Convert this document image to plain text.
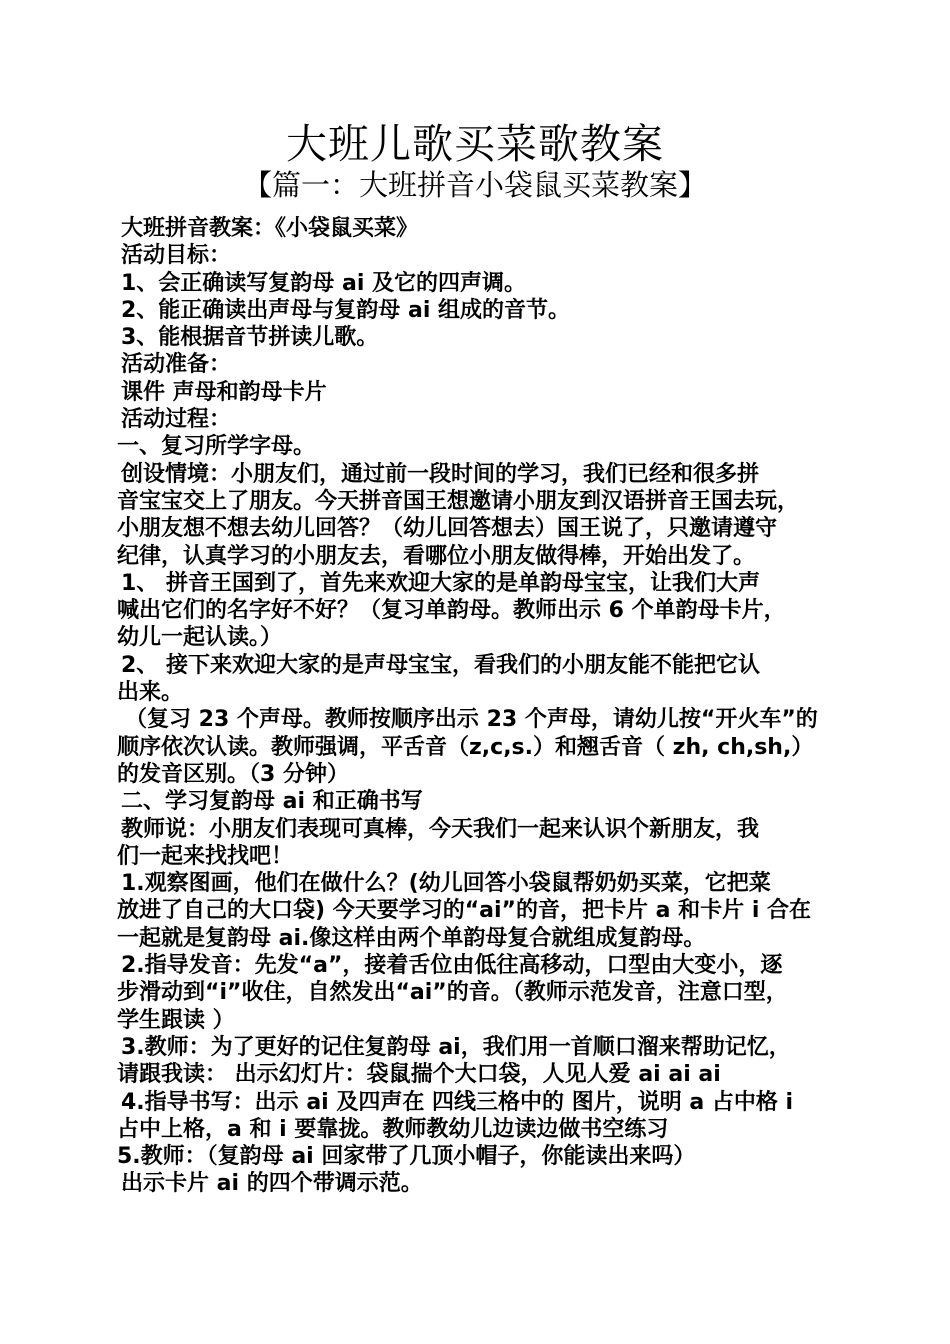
大班儿歌买菜歌教案
【篇一：大班拼音小袋鼠买菜教案】

大班拼音教案：《小袋鼠买菜》

活动目标：

1、会正确读写复韵母 ai 及它的四声调。

2、能正确读出声母与复韵母 ai 组成的音节。

3、能根据音节拼读儿歌。

活动准备：

课件 声母和韵母卡片

活动过程：

一、复习所学字母。

创设情境：小朋友们，通过前一段时间的学习，我们已经和很多拼

音宝宝交上了朋友。今天拼音国王想邀请小朋友到汉语拼音王国去玩，

小朋友想不想去幼儿回答？（幼儿回答想去）国王说了，只邀请遵守

纪律，认真学习的小朋友去，看哪位小朋友做得棒，开始出发了。

1、 拼音王国到了，首先来欢迎大家的是单韵母宝宝，让我们大声

喊出它们的名字好不好？（复习单韵母。教师出示 6 个单韵母卡片，

幼儿一起认读。）

2、 接下来欢迎大家的是声母宝宝，看我们的小朋友能不能把它认

出来。

（复习 23 个声母。教师按顺序出示 23 个声母，请幼儿按“开火车”的

顺序依次认读。教师强调，平舌音（z,c,s.）和翘舌音（ zh, ch,sh,）

的发音区别。（3 分钟）

二、学习复韵母 ai 和正确书写

教师说：小朋友们表现可真棒，今天我们一起来认识个新朋友，我

们一起来找找吧！

1.观察图画，他们在做什么？(幼儿回答小袋鼠帮奶奶买菜，它把菜

放进了自己的大口袋) 今天要学习的“ai”的音，把卡片 a 和卡片 i 合在

一起就是复韵母 ai.像这样由两个单韵母复合就组成复韵母。

2.指导发音：先发“a”，接着舌位由低往高移动，口型由大变小，逐

步滑动到“i”收住，自然发出“ai”的音。（教师示范发音，注意口型，

学生跟读 ）

3.教师：为了更好的记住复韵母 ai，我们用一首顺口溜来帮助记忆，

请跟我读： 出示幻灯片：袋鼠揣个大口袋，人见人爱 ai ai ai

4.指导书写：出示 ai 及四声在 四线三格中的 图片，说明 a 占中格 i

占中上格，a 和 i 要靠拢。教师教幼儿边读边做书空练习

5.教师：（复韵母 ai 回家带了几顶小帽子，你能读出来吗）

出示卡片 ai 的四个带调示范。
